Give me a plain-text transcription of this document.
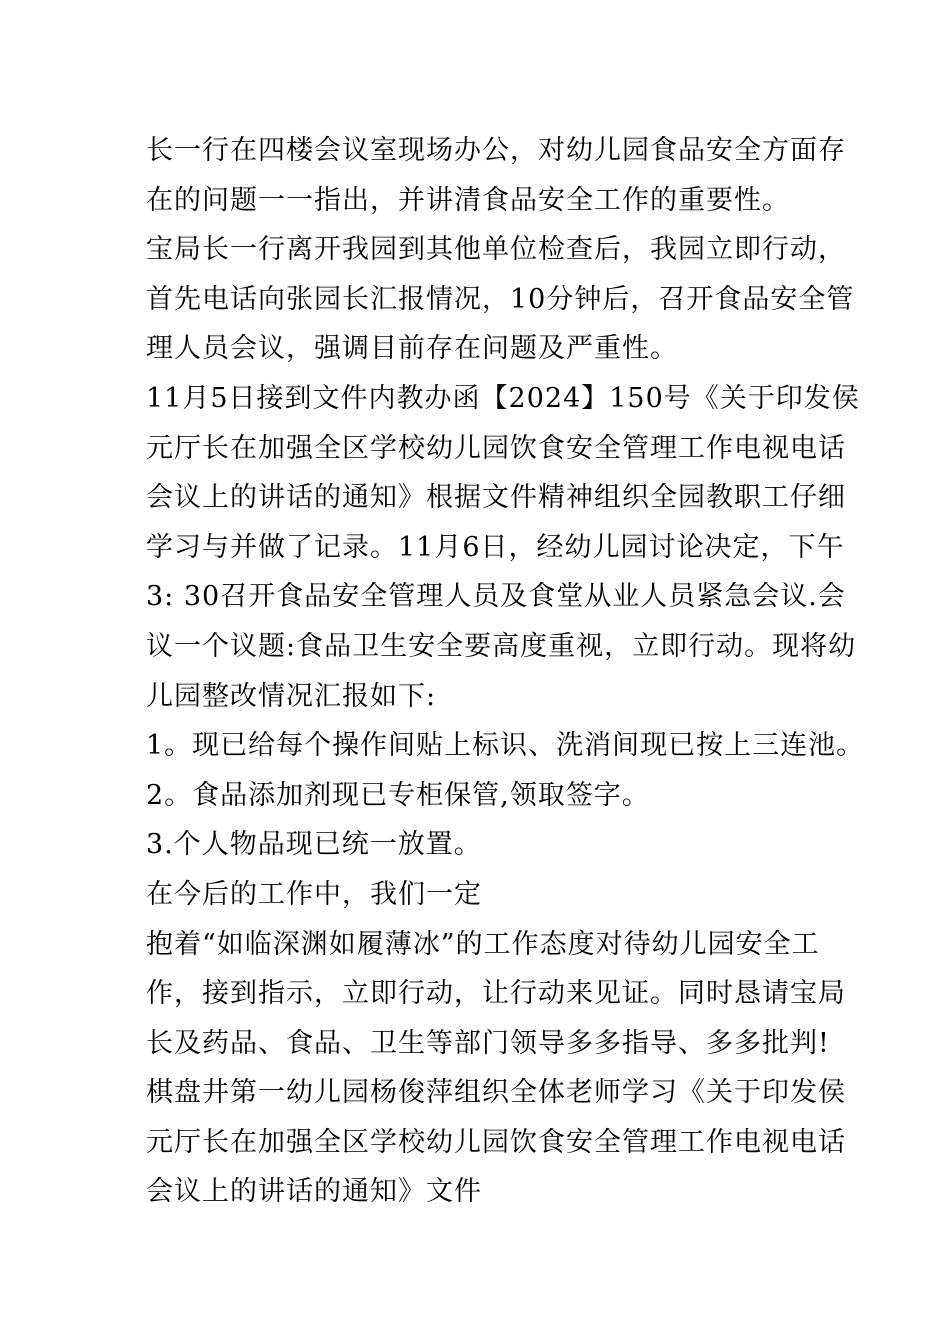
长一行在四楼会议室现场办公，对幼儿园食品安全方面存
在的问题一一指出，并讲清食品安全工作的重要性。
宝局长一行离开我园到其他单位检查后，我园立即行动，
首先电话向张园长汇报情况，10分钟后，召开食品安全管
理人员会议，强调目前存在问题及严重性。
11月5日接到文件内教办函【2024】150号《关于印发侯
元厅长在加强全区学校幼儿园饮食安全管理工作电视电话
会议上的讲话的通知》根据文件精神组织全园教职工仔细
学习与并做了记录。11月6日，经幼儿园讨论决定，下午
3: 30召开食品安全管理人员及食堂从业人员紧急会议.会
议一个议题:食品卫生安全要高度重视，立即行动。现将幼
儿园整改情况汇报如下:
1。现已给每个操作间贴上标识、洗消间现已按上三连池。
2。食品添加剂现已专柜保管,领取签字。
3.个人物品现已统一放置。
在今后的工作中，我们一定
抱着“如临深渊如履薄冰”的工作态度对待幼儿园安全工
作，接到指示，立即行动，让行动来见证。同时恳请宝局
长及药品、食品、卫生等部门领导多多指导、多多批判!
棋盘井第一幼儿园杨俊萍组织全体老师学习《关于印发侯
元厅长在加强全区学校幼儿园饮食安全管理工作电视电话
会议上的讲话的通知》文件
